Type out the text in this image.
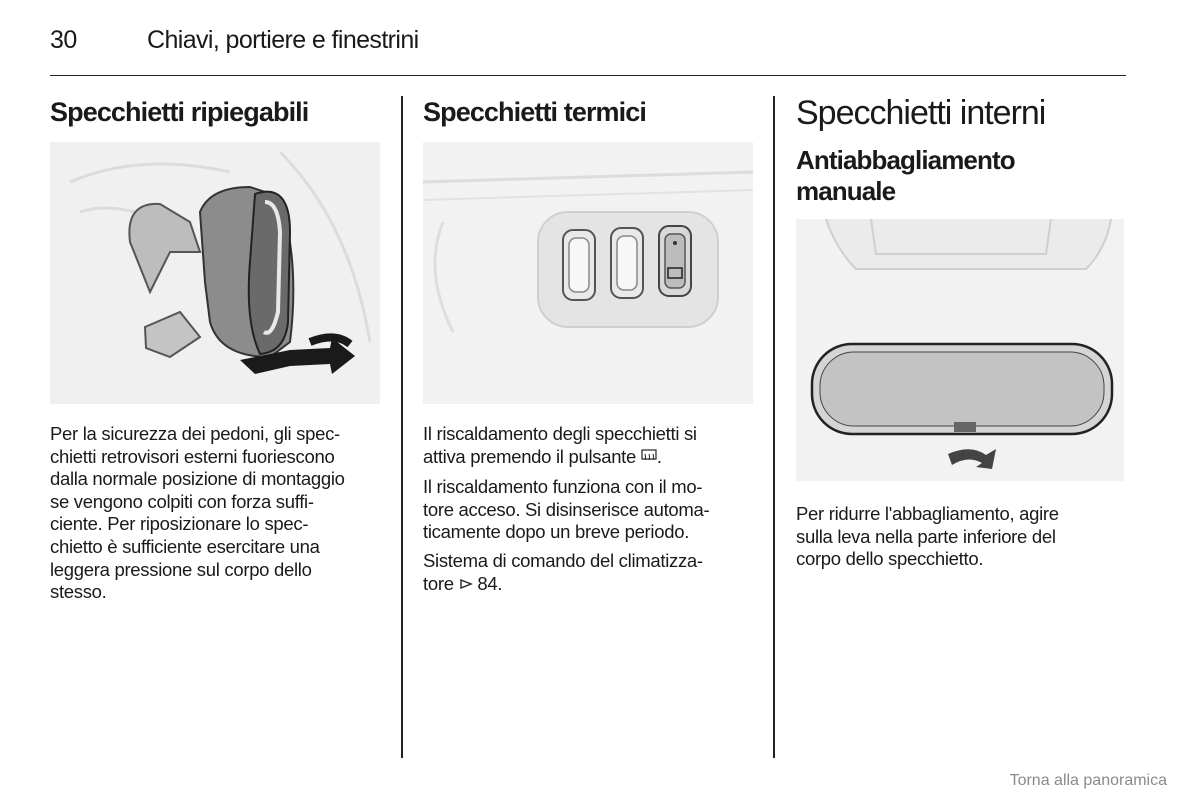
30	Chiavi, portiere e finestrini
Specchietti ripiegabili
Per la sicurezza dei pedoni, gli spec-
chietti retrovisori esterni fuoriescono
dalla normale posizione di montaggio
se vengono colpiti con forza suffi-
ciente. Per riposizionare lo spec-
chietto è sufficiente esercitare una
leggera pressione sul corpo dello
stesso.
Specchietti termici

Il riscaldamento degli specchietti si
attiva premendo il pulsante .

Il riscaldamento funziona con il mo-
tore acceso. Si disinserisce automa-
ticamente dopo un breve periodo.

Sistema di comando del climatizza-
tore 84.

Specchietti interni
Antiabbagliamento
manuale
Per ridurre l'abbagliamento, agire
sulla leva nella parte inferiore del
corpo dello specchietto.
Torna alla panoramica
